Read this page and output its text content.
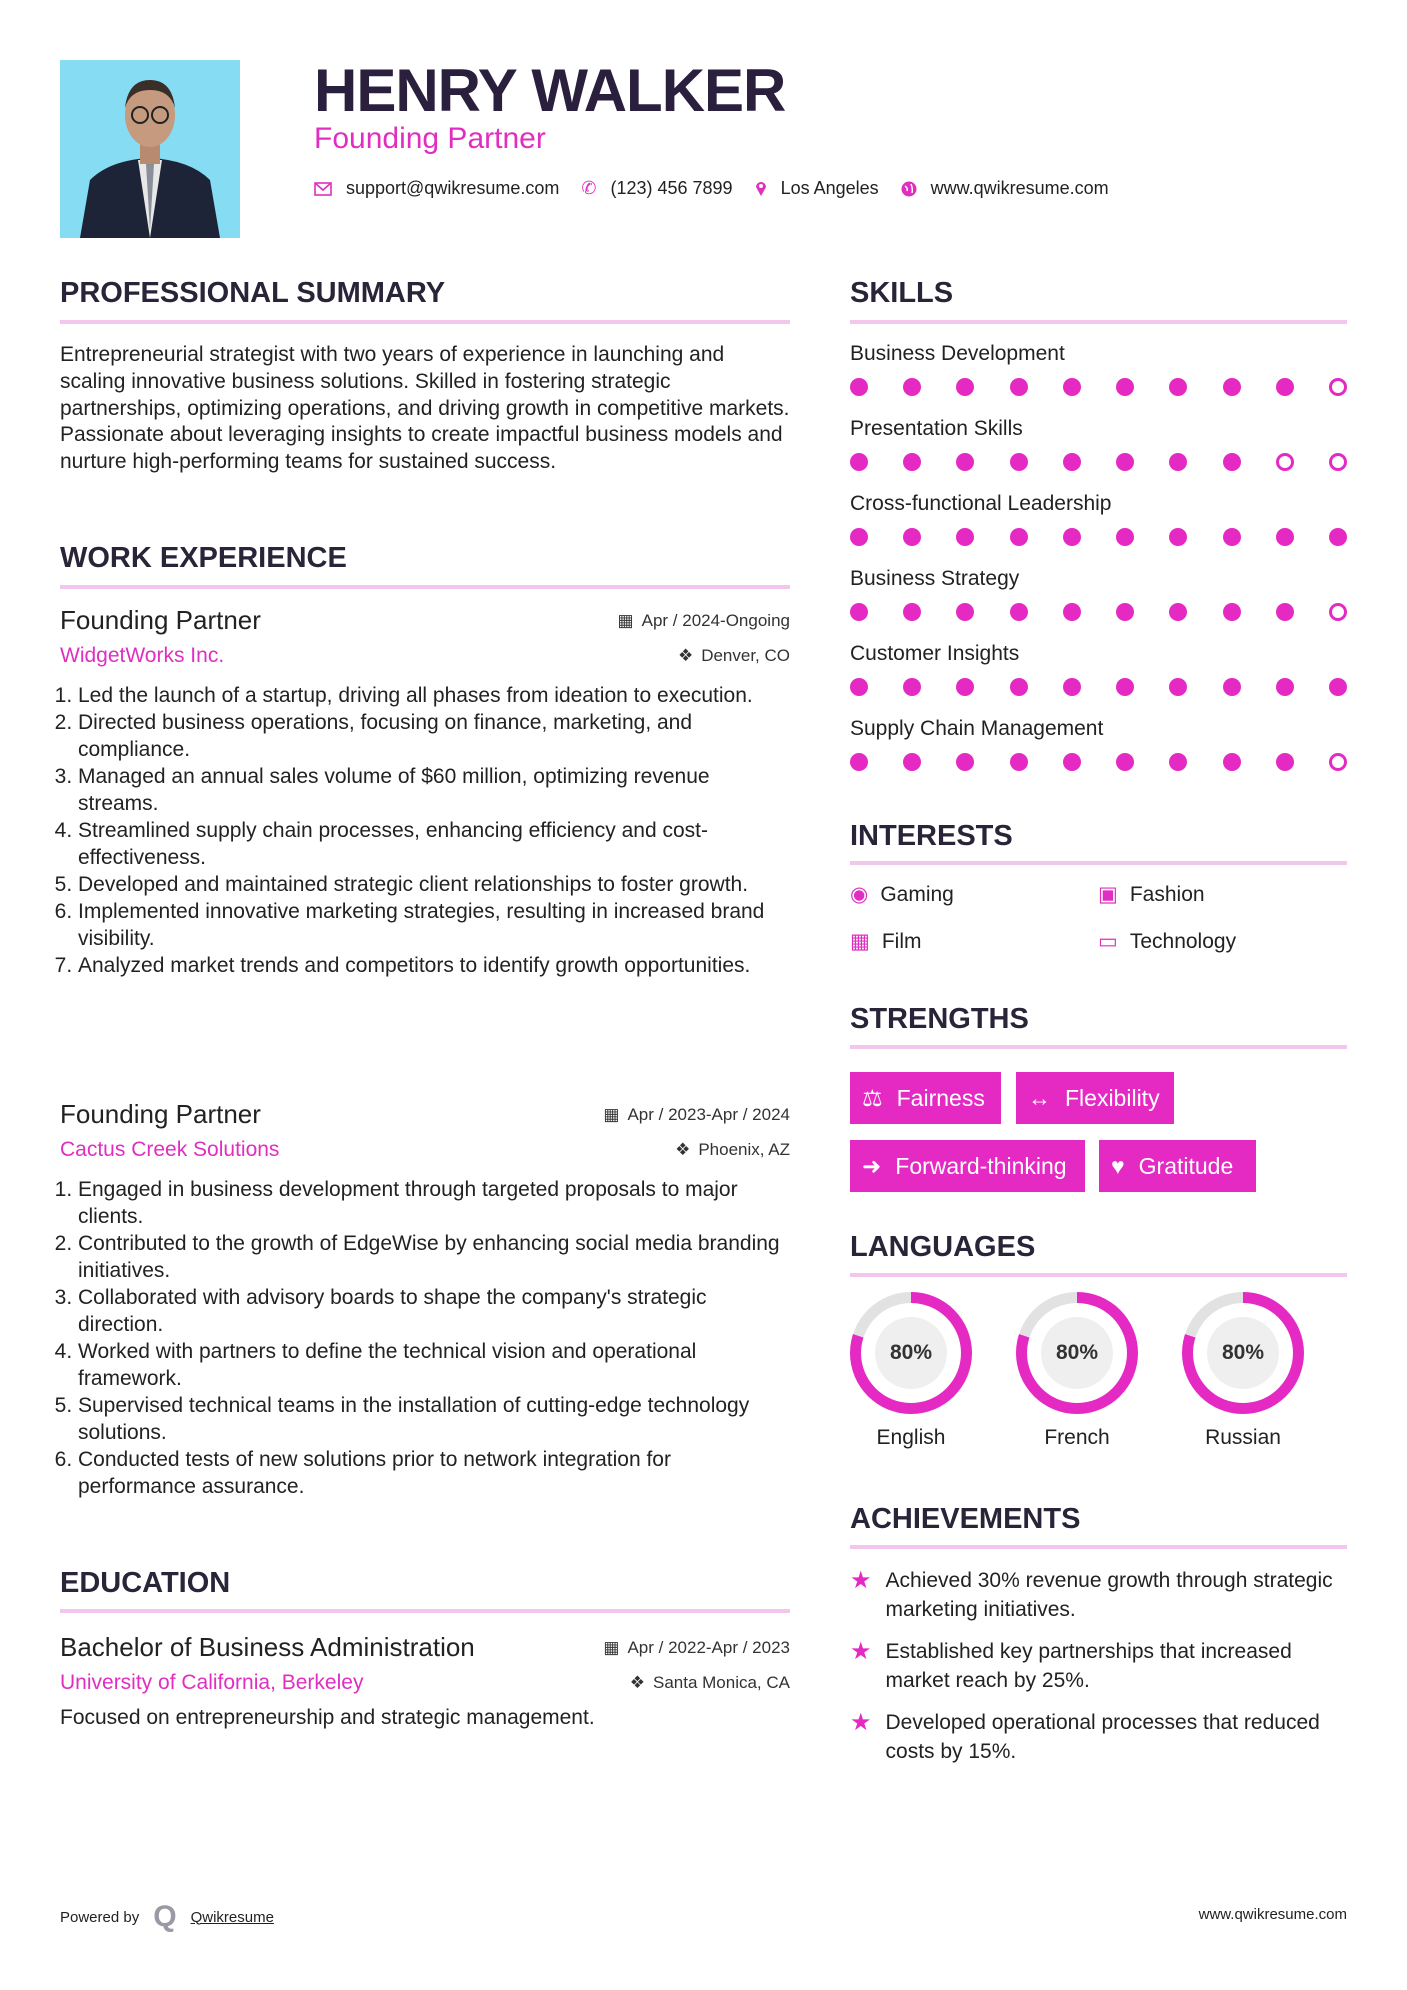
HENRY WALKER
Founding Partner
support@qwikresume.com ✆ (123) 456 7899	Los Angeles	www.qwikresume.com
PROFESSIONAL SUMMARY
Entrepreneurial strategist with two years of experience in launching and scaling innovative business solutions. Skilled in fostering strategic partnerships, optimizing operations, and driving growth in competitive markets. Passionate about leveraging insights to create impactful business models and nurture high-performing teams for sustained success.
WORK EXPERIENCE
Founding Partner	▦ Apr / 2024-Ongoing
WidgetWorks Inc.	❖ Denver, CO
1. Led the launch of a startup, driving all phases from ideation to execution.
2. Directed business operations, focusing on finance, marketing, and compliance.
3. Managed an annual sales volume of $60 million, optimizing revenue streams.
4. Streamlined supply chain processes, enhancing efficiency and cost-effectiveness.
5. Developed and maintained strategic client relationships to foster growth.
6. Implemented innovative marketing strategies, resulting in increased brand visibility.
7. Analyzed market trends and competitors to identify growth opportunities.
Founding Partner	▦ Apr / 2023-Apr / 2024
Cactus Creek Solutions	❖ Phoenix, AZ
1. Engaged in business development through targeted proposals to major clients.
2. Contributed to the growth of EdgeWise by enhancing social media branding initiatives.
3. Collaborated with advisory boards to shape the company's strategic direction.
4. Worked with partners to define the technical vision and operational framework.
5. Supervised technical teams in the installation of cutting-edge technology solutions.
6. Conducted tests of new solutions prior to network integration for performance assurance.
EDUCATION
Bachelor of Business Administration	▦ Apr / 2022-Apr / 2023
University of California, Berkeley	❖ Santa Monica, CA
Focused on entrepreneurship and strategic management.
SKILLS
Business Development
Presentation Skills
Cross-functional Leadership
Business Strategy
Customer Insights
Supply Chain Management
INTERESTS
◉ Gaming	▣ Fashion
▦ Film	▭ Technology
STRENGTHS
⚖ Fairness ↔ Flexibility
➜ Forward-thinking ♥ Gratitude
LANGUAGES
80%
English
80%
French
80%
Russian
ACHIEVEMENTS
★ Achieved 30% revenue growth through strategic marketing initiatives.
★ Established key partnerships that increased market reach by 25%.
★ Developed operational processes that reduced costs by 15%.
Powered by Q Qwikresume	www.qwikresume.com
